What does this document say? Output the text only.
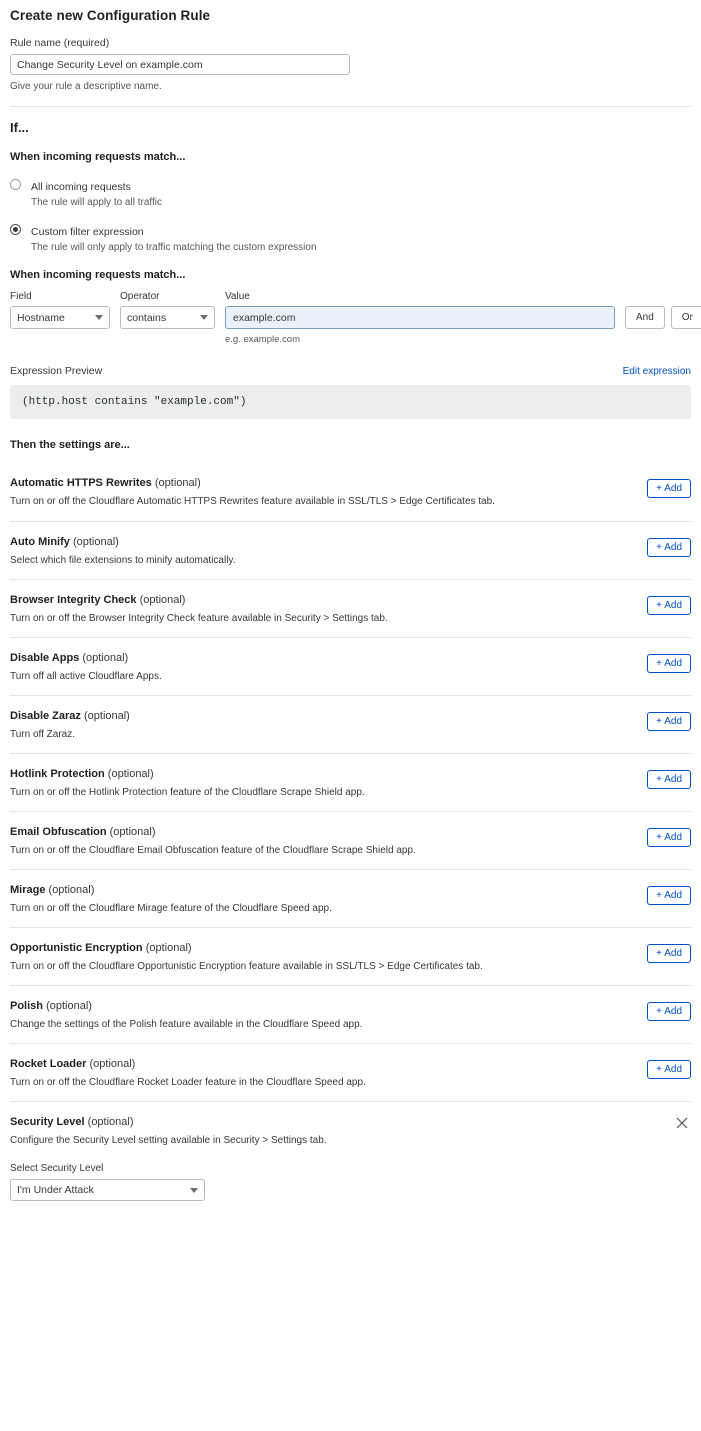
Create new Configuration Rule
Rule name (required)
Change Security Level on example.com
Give your rule a descriptive name.
If...
When incoming requests match...
All incoming requests
The rule will apply to all traffic
Custom filter expression
The rule will only apply to traffic matching the custom expression
When incoming requests match...
Field
Hostname
Operator
contains
Value
example.com
And	Or
e.g. example.com
Expression Preview	Edit expression
(http.host contains "example.com")
Then the settings are...
Automatic HTTPS Rewrites (optional)
Turn on or off the Cloudflare Automatic HTTPS Rewrites feature available in SSL/TLS > Edge Certificates tab.
+ Add
Auto Minify (optional)
Select which file extensions to minify automatically.
+ Add
Browser Integrity Check (optional)
Turn on or off the Browser Integrity Check feature available in Security > Settings tab.
+ Add
Disable Apps (optional)
Turn off all active Cloudflare Apps.
+ Add
Disable Zaraz (optional)
Turn off Zaraz.
+ Add
Hotlink Protection (optional)
Turn on or off the Hotlink Protection feature of the Cloudflare Scrape Shield app.
+ Add
Email Obfuscation (optional)
Turn on or off the Cloudflare Email Obfuscation feature of the Cloudflare Scrape Shield app.
+ Add
Mirage (optional)
Turn on or off the Cloudflare Mirage feature of the Cloudflare Speed app.
+ Add
Opportunistic Encryption (optional)
Turn on or off the Cloudflare Opportunistic Encryption feature available in SSL/TLS > Edge Certificates tab.
+ Add
Polish (optional)
Change the settings of the Polish feature available in the Cloudflare Speed app.
+ Add
Rocket Loader (optional)
Turn on or off the Cloudflare Rocket Loader feature in the Cloudflare Speed app.
+ Add
Security Level (optional)
Configure the Security Level setting available in Security > Settings tab.
Select Security Level
I'm Under Attack
